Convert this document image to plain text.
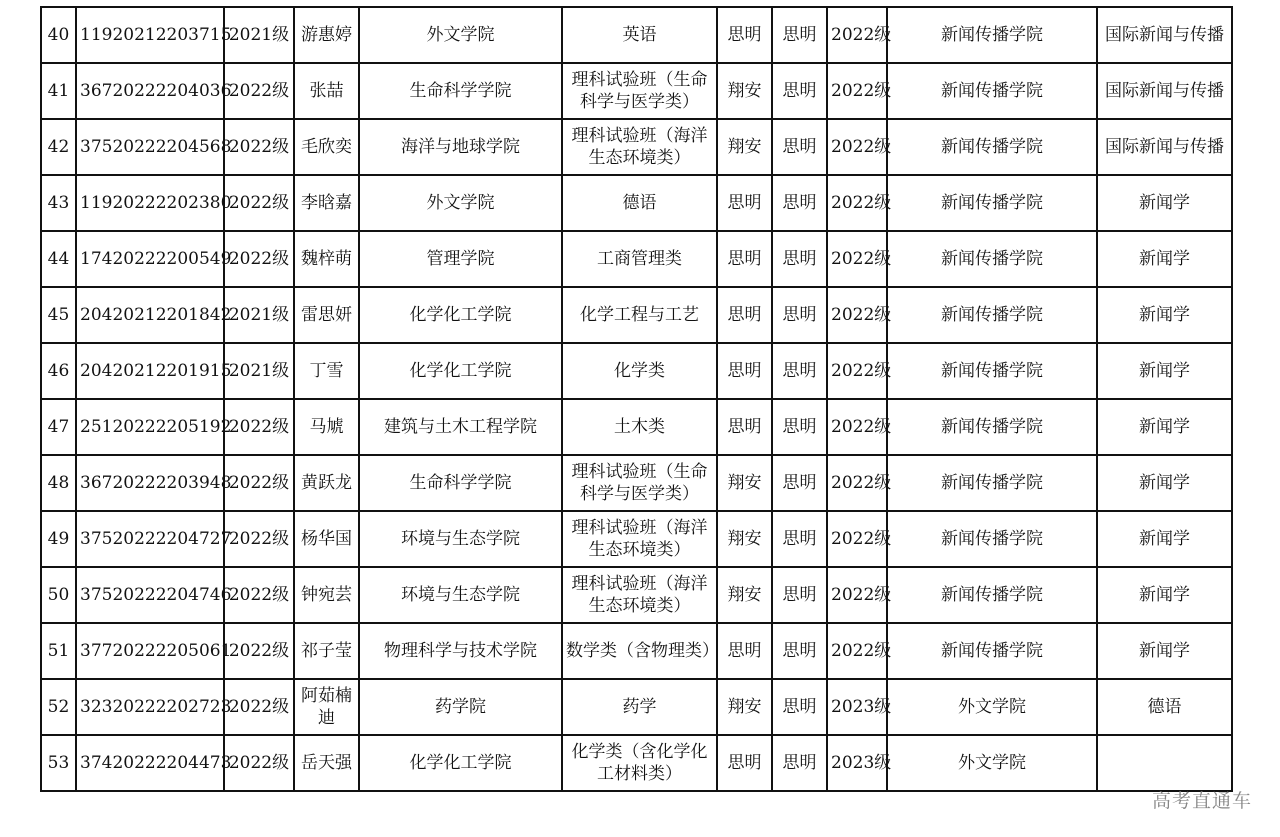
40	11920212203715	2021级	游惠婷	外文学院	英语	思明	思明	2022级	新闻传播学院	国际新闻与传播

41	36720222204036	2022级	张喆	生命科学学院	理科试验班（生命科学与医学类）	翔安	思明	2022级	新闻传播学院	国际新闻与传播

42	37520222204568	2022级	毛欣奕	海洋与地球学院	理科试验班（海洋生态环境类）	翔安	思明	2022级	新闻传播学院	国际新闻与传播

43	11920222202380	2022级	李晗嘉	外文学院	德语	思明	思明	2022级	新闻传播学院	新闻学

44	17420222200549	2022级	魏梓萌	管理学院	工商管理类	思明	思明	2022级	新闻传播学院	新闻学

45	20420212201842	2021级	雷思妍	化学化工学院	化学工程与工艺	思明	思明	2022级	新闻传播学院	新闻学

46	20420212201915	2021级	丁雪	化学化工学院	化学类	思明	思明	2022级	新闻传播学院	新闻学

47	25120222205192	2022级	马虓	建筑与土木工程学院	土木类	思明	思明	2022级	新闻传播学院	新闻学

48	36720222203948	2022级	黄跃龙	生命科学学院	理科试验班（生命科学与医学类）	翔安	思明	2022级	新闻传播学院	新闻学

49	37520222204727	2022级	杨华国	环境与生态学院	理科试验班（海洋生态环境类）	翔安	思明	2022级	新闻传播学院	新闻学

50	37520222204746	2022级	钟宛芸	环境与生态学院	理科试验班（海洋生态环境类）	翔安	思明	2022级	新闻传播学院	新闻学

51	37720222205061	2022级	祁子莹	物理科学与技术学院	数学类（含物理类）	思明	思明	2022级	新闻传播学院	新闻学

52	32320222202723	2022级	阿茹楠迪	药学院	药学	翔安	思明	2023级	外文学院	德语

53	37420222204473	2022级	岳天强	化学化工学院	化学类（含化学化工材料类）	思明	思明	2023级	外文学院	

高考直通车
